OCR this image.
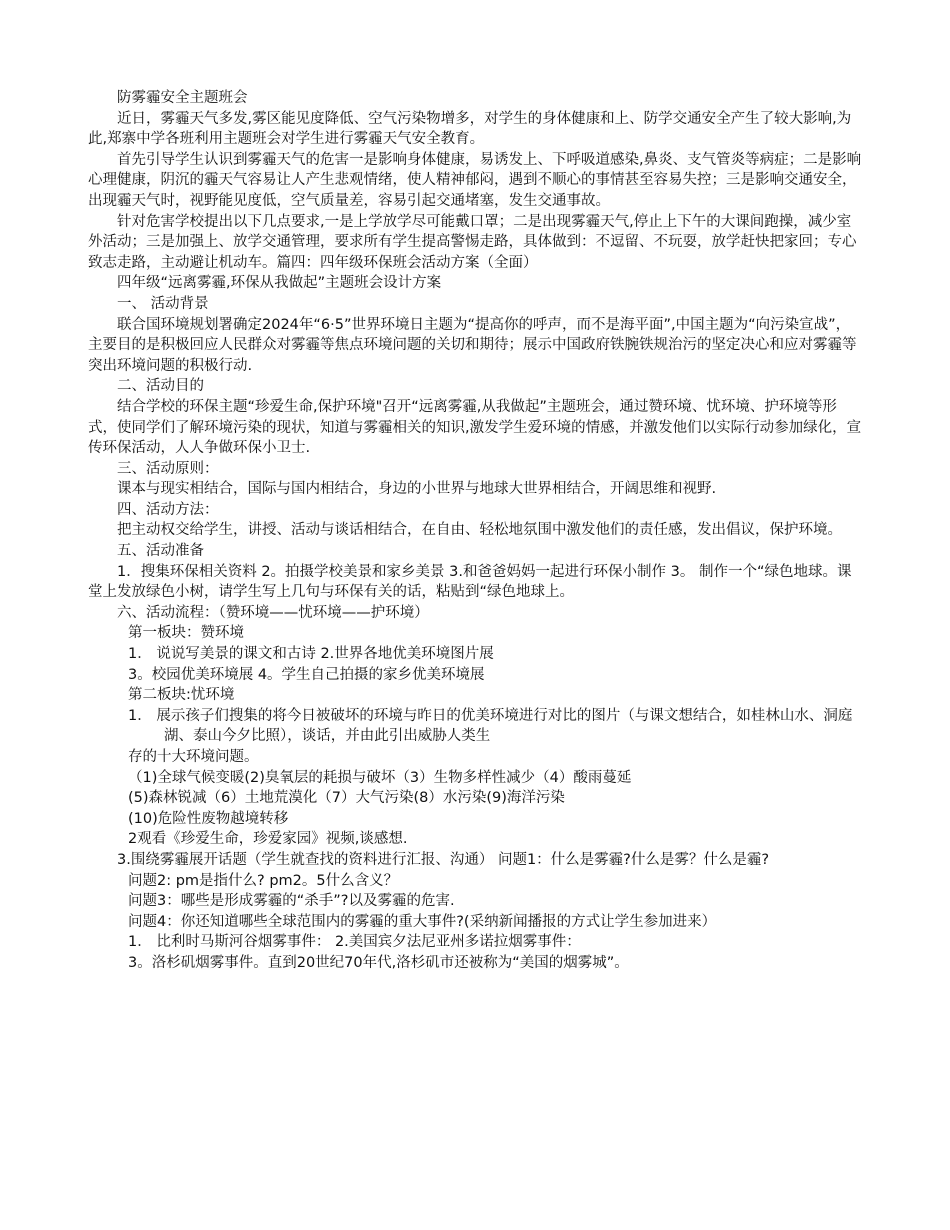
防雾霾安全主题班会

近日，雾霾天气多发,雾区能见度降低、空气污染物增多，对学生的身体健康和上、防学交通安全产生了较大影响,为此,郑寨中学各班利用主题班会对学生进行雾霾天气安全教育。

首先引导学生认识到雾霾天气的危害一是影响身体健康，易诱发上、下呼吸道感染,鼻炎、支气管炎等病症；二是影响心理健康，阴沉的霾天气容易让人产生悲观情绪，使人精神郁闷，遇到不顺心的事情甚至容易失控；三是影响交通安全，出现霾天气时，视野能见度低，空气质量差，容易引起交通堵塞，发生交通事故。

针对危害学校提出以下几点要求,一是上学放学尽可能戴口罩；二是出现雾霾天气,停止上下午的大课间跑操，减少室外活动；三是加强上、放学交通管理，要求所有学生提高警惕走路，具体做到：不逗留、不玩耍，放学赶快把家回；专心致志走路，主动避让机动车。篇四：四年级环保班会活动方案（全面）

四年级“远离雾霾,环保从我做起”主题班会设计方案

一、 活动背景

联合国环境规划署确定2024年“6·5”世界环境日主题为“提高你的呼声，而不是海平面”,中国主题为“向污染宣战”， 主要目的是积极回应人民群众对雾霾等焦点环境问题的关切和期待；展示中国政府铁腕铁规治污的坚定决心和应对雾霾等突出环境问题的积极行动.

二、活动目的

结合学校的环保主题“珍爱生命,保护环境"召开“远离雾霾,从我做起”主题班会，通过赞环境、忧环境、护环境等形式，使同学们了解环境污染的现状，知道与雾霾相关的知识,激发学生爱环境的情感，并激发他们以实际行动参加绿化，宣传环保活动，人人争做环保小卫士.

三、活动原则：

课本与现实相结合，国际与国内相结合，身边的小世界与地球大世界相结合，开阔思维和视野.

四、活动方法：

把主动权交给学生，讲授、活动与谈话相结合，在自由、轻松地氛围中激发他们的责任感，发出倡议，保护环境。

五、活动准备

1．搜集环保相关资料 2。拍摄学校美景和家乡美景 3.和爸爸妈妈一起进行环保小制作 3。 制作一个“绿色地球。课堂上发放绿色小树，请学生写上几句与环保有关的话，粘贴到“绿色地球上。

六、活动流程：（赞环境——忧环境——护环境）

第一板块：赞环境

1． 说说写美景的课文和古诗 2.世界各地优美环境图片展

3。校园优美环境展 4。学生自己拍摄的家乡优美环境展

第二板块:忧环境

1． 展示孩子们搜集的将今日被破坏的环境与昨日的优美环境进行对比的图片（与课文想结合，如桂林山水、洞庭湖、泰山今夕比照），谈话，并由此引出威胁人类生

存的十大环境问题。

（1)全球气候变暖(2)臭氧层的耗损与破坏（3）生物多样性减少（4）酸雨蔓延

(5)森林锐减（6）土地荒漠化（7）大气污染(8）水污染(9)海洋污染

(10)危险性废物越境转移

2观看《珍爱生命，珍爱家园》视频,谈感想.

3.围绕雾霾展开话题（学生就查找的资料进行汇报、沟通） 问题1：什么是雾霾?什么是雾？什么是霾?

问题2: pm是指什么? pm2。5什么含义？

问题3：哪些是形成雾霾的“杀手”?以及雾霾的危害.

问题4：你还知道哪些全球范围内的雾霾的重大事件?(采纳新闻播报的方式让学生参加进来）

1． 比利时马斯河谷烟雾事件： 2.美国宾夕法尼亚州多诺拉烟雾事件：

3。洛杉矶烟雾事件。直到20世纪70年代,洛杉矶市还被称为“美国的烟雾城”。
